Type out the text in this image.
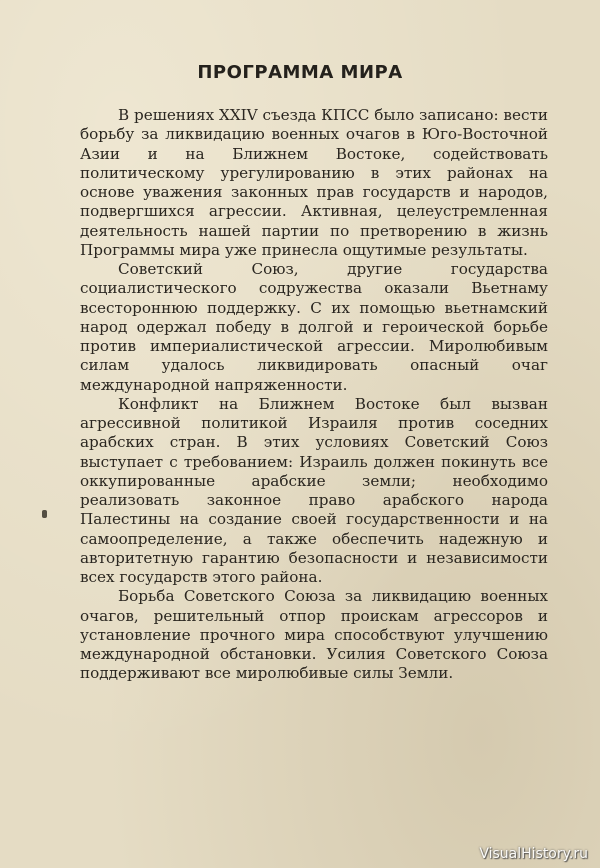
ПРОГРАММА МИРА

В решениях XXIV съезда КПСС было записано: вести борьбу за ликвидацию военных очагов в Юго-Восточной Азии и на Ближнем Востоке, содействовать политическому урегулированию в этих районах на основе уважения законных прав государств и народов, подвергшихся агрессии. Активная, целеустремленная деятельность нашей партии по претворению в жизнь Программы мира уже принесла ощутимые результаты.

Советский Союз, другие государства социалистического содружества оказали Вьетнаму всестороннюю поддержку. С их помощью вьетнамский народ одержал победу в долгой и героической борьбе против империалистической агрессии. Миролюбивым силам удалось ликвидировать опасный очаг международной напряженности.

Конфликт на Ближнем Востоке был вызван агрессивной политикой Израиля против соседних арабских стран. В этих условиях Советский Союз выступает с требованием: Израиль должен покинуть все оккупированные арабские земли; необходимо реализовать законное право арабского народа Палестины на создание своей государственности и на самоопределение, а также обеспечить надежную и авторитетную гарантию безопасности и независимости всех государств этого района.

Борьба Советского Союза за ликвидацию военных очагов, решительный отпор проискам агрессоров и установление прочного мира способствуют улучшению международной обстановки. Усилия Советского Союза поддерживают все миролюбивые силы Земли.

VisualHistory.ru
